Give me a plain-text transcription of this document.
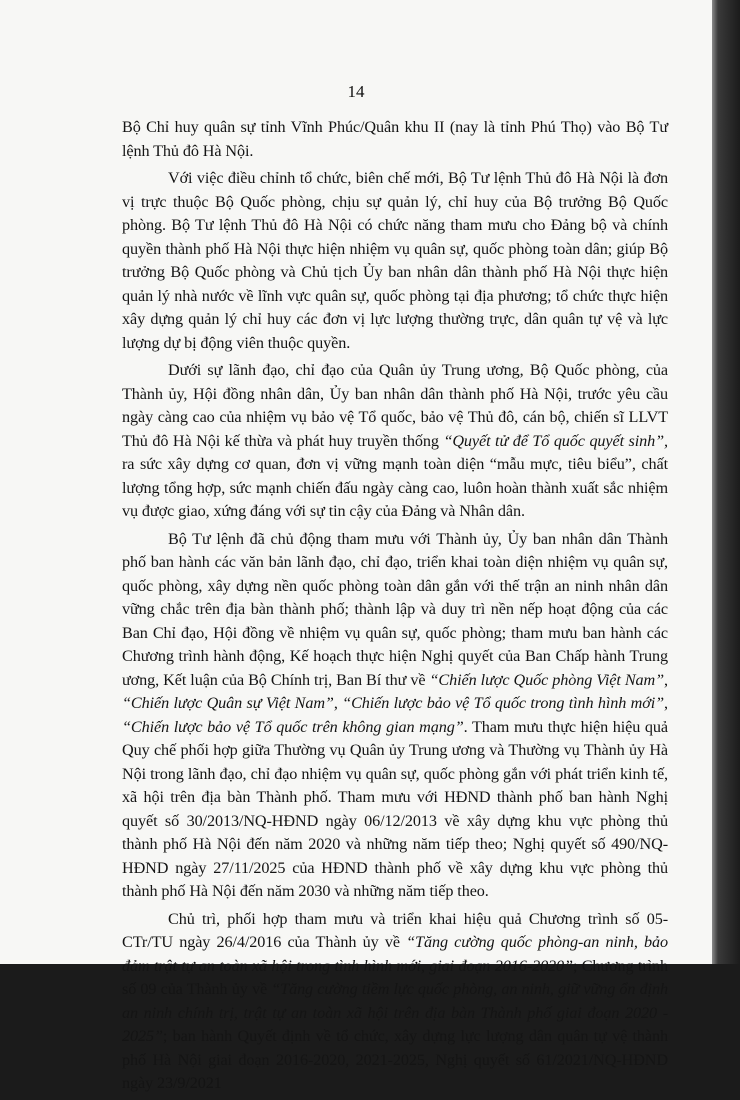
14

Bộ Chỉ huy quân sự tỉnh Vĩnh Phúc/Quân khu II (nay là tỉnh Phú Thọ) vào Bộ Tư lệnh Thủ đô Hà Nội.

Với việc điều chỉnh tổ chức, biên chế mới, Bộ Tư lệnh Thủ đô Hà Nội là đơn vị trực thuộc Bộ Quốc phòng, chịu sự quản lý, chỉ huy của Bộ trưởng Bộ Quốc phòng. Bộ Tư lệnh Thủ đô Hà Nội có chức năng tham mưu cho Đảng bộ và chính quyền thành phố Hà Nội thực hiện nhiệm vụ quân sự, quốc phòng toàn dân; giúp Bộ trưởng Bộ Quốc phòng và Chủ tịch Ủy ban nhân dân thành phố Hà Nội thực hiện quản lý nhà nước về lĩnh vực quân sự, quốc phòng tại địa phương; tổ chức thực hiện xây dựng quản lý chỉ huy các đơn vị lực lượng thường trực, dân quân tự vệ và lực lượng dự bị động viên thuộc quyền.

Dưới sự lãnh đạo, chỉ đạo của Quân ủy Trung ương, Bộ Quốc phòng, của Thành ủy, Hội đồng nhân dân, Ủy ban nhân dân thành phố Hà Nội, trước yêu cầu ngày càng cao của nhiệm vụ bảo vệ Tổ quốc, bảo vệ Thủ đô, cán bộ, chiến sĩ LLVT Thủ đô Hà Nội kế thừa và phát huy truyền thống “Quyết tử để Tổ quốc quyết sinh”, ra sức xây dựng cơ quan, đơn vị vững mạnh toàn diện “mẫu mực, tiêu biểu”, chất lượng tổng hợp, sức mạnh chiến đấu ngày càng cao, luôn hoàn thành xuất sắc nhiệm vụ được giao, xứng đáng với sự tin cậy của Đảng và Nhân dân.

Bộ Tư lệnh đã chủ động tham mưu với Thành ủy, Ủy ban nhân dân Thành phố ban hành các văn bản lãnh đạo, chỉ đạo, triển khai toàn diện nhiệm vụ quân sự, quốc phòng, xây dựng nền quốc phòng toàn dân gắn với thế trận an ninh nhân dân vững chắc trên địa bàn thành phố; thành lập và duy trì nền nếp hoạt động của các Ban Chỉ đạo, Hội đồng về nhiệm vụ quân sự, quốc phòng; tham mưu ban hành các Chương trình hành động, Kế hoạch thực hiện Nghị quyết của Ban Chấp hành Trung ương, Kết luận của Bộ Chính trị, Ban Bí thư về “Chiến lược Quốc phòng Việt Nam”, “Chiến lược Quân sự Việt Nam”, “Chiến lược bảo vệ Tổ quốc trong tình hình mới”, “Chiến lược bảo vệ Tổ quốc trên không gian mạng”. Tham mưu thực hiện hiệu quả Quy chế phối hợp giữa Thường vụ Quân ủy Trung ương và Thường vụ Thành ủy Hà Nội trong lãnh đạo, chỉ đạo nhiệm vụ quân sự, quốc phòng gắn với phát triển kinh tế, xã hội trên địa bàn Thành phố. Tham mưu với HĐND thành phố ban hành Nghị quyết số 30/2013/NQ-HĐND ngày 06/12/2013 về xây dựng khu vực phòng thủ thành phố Hà Nội đến năm 2020 và những năm tiếp theo; Nghị quyết số 490/NQ-HĐND ngày 27/11/2025 của HĐND thành phố về xây dựng khu vực phòng thủ thành phố Hà Nội đến năm 2030 và những năm tiếp theo.

Chủ trì, phối hợp tham mưu và triển khai hiệu quả Chương trình số 05-CTr/TU ngày 26/4/2016 của Thành ủy về “Tăng cường quốc phòng-an ninh, bảo đảm trật tự an toàn xã hội trong tình hình mới, giai đoạn 2016-2020”; Chương trình số 09 của Thành ủy về “Tăng cường tiềm lực quốc phòng, an ninh, giữ vững ổn định an ninh chính trị, trật tự an toàn xã hội trên địa bàn Thành phố giai đoạn 2020 - 2025”; ban hành Quyết định về tổ chức, xây dựng lực lượng dân quân tự vệ thành phố Hà Nội giai đoạn 2016-2020, 2021-2025, Nghị quyết số 61/2021/NQ-HĐND ngày 23/9/2021
